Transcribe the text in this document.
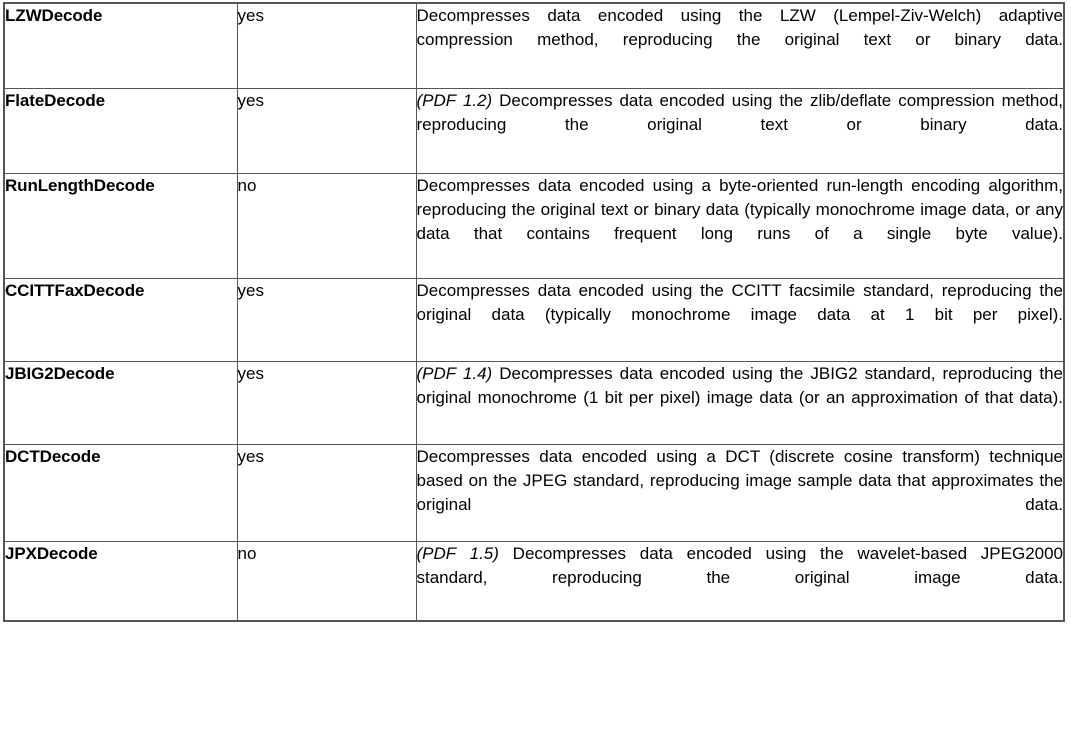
LZWDecode	yes	Decompresses data encoded using the LZW (Lempel-Ziv-Welch) adaptive compression method, reproducing the original text or binary data.

FlateDecode	yes	(PDF 1.2) Decompresses data encoded using the zlib/deflate compression method, reproducing the original text or binary data.

RunLengthDecode	no	Decompresses data encoded using a byte-oriented run-length encoding algorithm, reproducing the original text or binary data (typically monochrome image data, or any data that contains frequent long runs of a single byte value).

CCITTFaxDecode	yes	Decompresses data encoded using the CCITT facsimile standard, reproducing the original data (typically monochrome image data at 1 bit per pixel).

JBIG2Decode	yes	(PDF 1.4) Decompresses data encoded using the JBIG2 standard, reproducing the original monochrome (1 bit per pixel) image data (or an approximation of that data).

DCTDecode	yes	Decompresses data encoded using a DCT (discrete cosine transform) technique based on the JPEG standard, reproducing image sample data that approximates the original data.

JPXDecode	no	(PDF 1.5) Decompresses data encoded using the wavelet-based JPEG2000 standard, reproducing the original image data.
